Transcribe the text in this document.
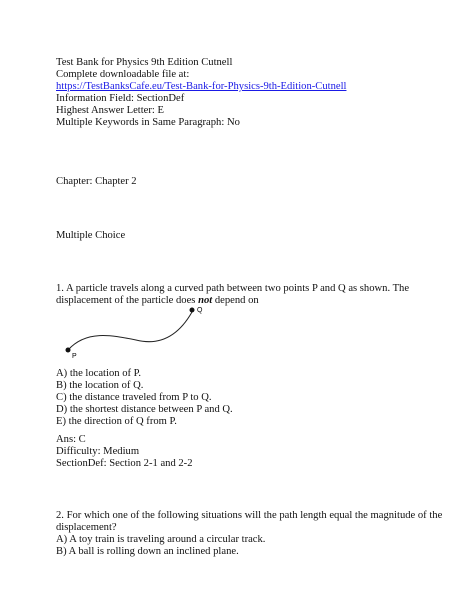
Test Bank for Physics 9th Edition Cutnell
Complete downloadable file at:
https://TestBanksCafe.eu/Test-Bank-for-Physics-9th-Edition-Cutnell
Information Field: SectionDef
Highest Answer Letter: E
Multiple Keywords in Same Paragraph: No
Chapter: Chapter 2
Multiple Choice
1. A particle travels along a curved path between two points P and Q as shown. The
displacement of the particle does not depend on
P
Q
A) the location of P.
B) the location of Q.
C) the distance traveled from P to Q.
D) the shortest distance between P and Q.
E) the direction of Q from P.
Ans: C
Difficulty: Medium
SectionDef: Section 2-1 and 2-2
2. For which one of the following situations will the path length equal the magnitude of the
displacement?
A) A toy train is traveling around a circular track.
B) A ball is rolling down an inclined plane.
